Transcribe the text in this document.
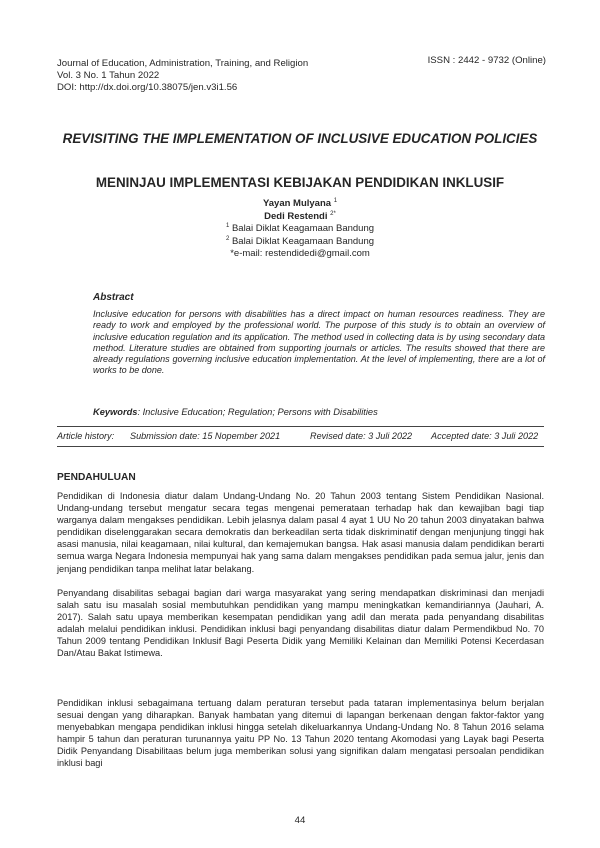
Journal of Education, Administration, Training, and Religion
Vol. 3 No. 1 Tahun 2022
DOI: http://dx.doi.org/10.38075/jen.v3i1.56
ISSN : 2442 - 9732 (Online)
REVISITING THE IMPLEMENTATION OF INCLUSIVE EDUCATION POLICIES
MENINJAU IMPLEMENTASI KEBIJAKAN PENDIDIKAN INKLUSIF
Yayan Mulyana $^1$
Dedi Restendi $^{2*}$
$^1$ Balai Diklat Keagamaan Bandung
$^2$ Balai Diklat Keagamaan Bandung
*e-mail: restendidedi@gmail.com
Abstract
Inclusive education for persons with disabilities has a direct impact on human resources readiness. They are ready to work and employed by the professional world. The purpose of this study is to obtain an overview of inclusive education regulation and its application. The method used in collecting data is by using secondary data method. Literature studies are obtained from supporting journals or articles. The results showed that there are already regulations governing inclusive education implementation. At the level of implementing, there are a lot of works to be done.
Keywords: Inclusive Education; Regulation; Persons with Disabilities
Article history: Submission date: 15 Nopember 2021	Revised date: 3 Juli 2022 Accepted date: 3 Juli 2022
PENDAHULUAN
Pendidikan di Indonesia diatur dalam Undang-Undang No. 20 Tahun 2003 tentang Sistem Pendidikan Nasional. Undang-undang tersebut mengatur secara tegas mengenai pemerataan terhadap hak dan kewajiban bagi tiap warganya dalam mengakses pendidikan. Lebih jelasnya dalam pasal 4 ayat 1 UU No 20 tahun 2003 dinyatakan bahwa pendidikan diselenggarakan secara demokratis dan berkeadilan serta tidak diskriminatif dengan menjunjung tinggi hak asasi manusia, nilai keagamaan, nilai kultural, dan kemajemukan bangsa. Hak asasi manusia dalam pendidikan berarti semua warga Negara Indonesia mempunyai hak yang sama dalam mengakses pendidikan pada semua jalur, jenis dan jenjang pendidikan tanpa melihat latar belakang.
Penyandang disabilitas sebagai bagian dari warga masyarakat yang sering mendapatkan diskriminasi dan menjadi salah satu isu masalah sosial membutuhkan pendidikan yang mampu meningkatkan kemandiriannya (Jauhari, A. 2017). Salah satu upaya memberikan kesempatan pendidikan yang adil dan merata pada penyandang disabilitas adalah melalui pendidikan inklusi. Pendidikan inklusi bagi penyandang disabilitas diatur dalam Permendikbud No. 70 Tahun 2009 tentang Pendidikan Inklusif Bagi Peserta Didik yang Memiliki Kelainan dan Memiliki Potensi Kecerdasan Dan/Atau Bakat Istimewa.
Pendidikan inklusi sebagaimana tertuang dalam peraturan tersebut pada tataran implementasinya belum berjalan sesuai dengan yang diharapkan. Banyak hambatan yang ditemui di lapangan berkenaan dengan faktor-faktor yang menyebabkan mengapa pendidikan inklusi hingga setelah dikeluarkannya Undang-Undang No. 8 Tahun 2016 selama hampir 5 tahun dan peraturan turunannya yaitu PP No. 13 Tahun 2020 tentang Akomodasi yang Layak bagi Peserta Didik Penyandang Disabilitaas belum juga memberikan solusi yang signifikan dalam mengatasi persoalan pendidikan inklusi bagi
44
